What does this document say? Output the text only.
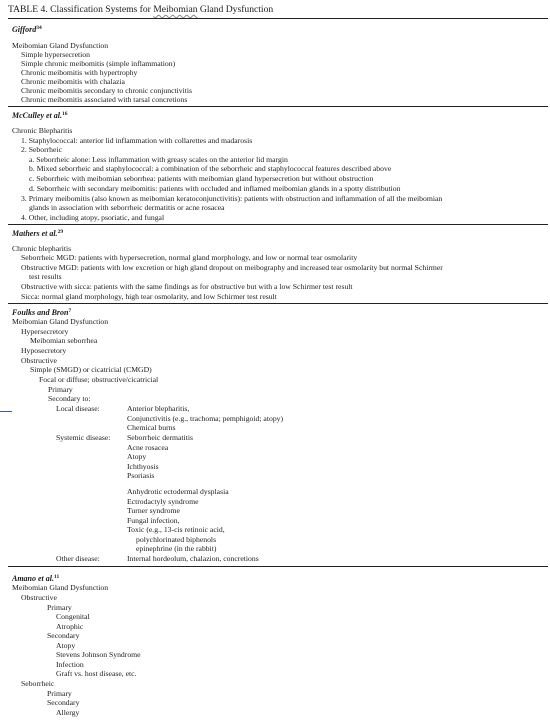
TABLE 4. Classification Systems for Meibomian Gland Dysfunction
Gifford$^{34}$
Meibomian Gland Dysfunction
Simple hypersecretion
Simple chronic meibomitis (simple inflammation)
Chronic meibomitis with hypertrophy
Chronic meibomitis with chalazia
Chronic meibomitis secondary to chronic conjunctivitis
Chronic meibomitis associated with tarsal concretions
McCulley et al.$^{16}$
Chronic Blepharitis
1. Staphylococcal: anterior lid inflammation with collarettes and madarosis
2. Seborrheic
a. Seborrheic alone: Less inflammation with greasy scales on the anterior lid margin
b. Mixed seborrheic and staphylococcal: a combination of the seborrheic and staphylococcal features described above
c. Seborrheic with meibomian seborrhea: patients with meibomian gland hypersecretion but without obstruction
d. Seborrheic with secondary meibomitis: patients with occluded and inflamed meibomian glands in a spotty distribution
3. Primary meibomitis (also known as meibomian keratoconjunctivitis): patients with obstruction and inflammation of all the meibomian
glands in association with seborrheic dermatitis or acne rosacea
4. Other, including atopy, psoriatic, and fungal
Mathers et al.$^{29}$
Chronic blepharitis
Seborrheic MGD: patients with hypersecretion, normal gland morphology, and low or normal tear osmolarity
Obstructive MGD: patients with low excretion or high gland dropout on meibography and increased tear osmolarity but normal Schirmer
test results
Obstructive with sicca: patients with the same findings as for obstructive but with a low Schirmer test result
Sicca: normal gland morphology, high tear osmolarity, and low Schirmer test result
Foulks and Bron$^7$
Meibomian Gland Dysfunction
Hypersecretory
Meibomian seborrhea
Hyposecretory
Obstructive
Simple (SMGD) or cicatricial (CMGD)
Focal or diffuse; obstructive/cicatricial
Primary
Secondary to:
Local disease:	Anterior blepharitis,
Conjunctivitis (e.g., trachoma; pemphigoid; atopy)
Chemical burns
Systemic disease: Seborrheic dermatitis
Acne rosacea
Atopy
Ichthyosis
Psoriasis
Anhydrotic ectodermal dysplasia
Ectrodactyly syndrome
Turner syndrome
Fungal infection,
Toxic (e.g., 13-cis retinoic acid,
polychlorinated biphenols
epinephrine (in the rabbit)
Other disease:	Internal hordeolum, chalazion, concretions
Amano et al.$^{11}$
Meibomian Gland Dysfunction
Obstructive
Primary
Congenital
Atrophic
Secondary
Atopy
Stevens Johnson Syndrome
Infection
Graft vs. host disease, etc.
Seborrheic
Primary
Secondary
Allergy
